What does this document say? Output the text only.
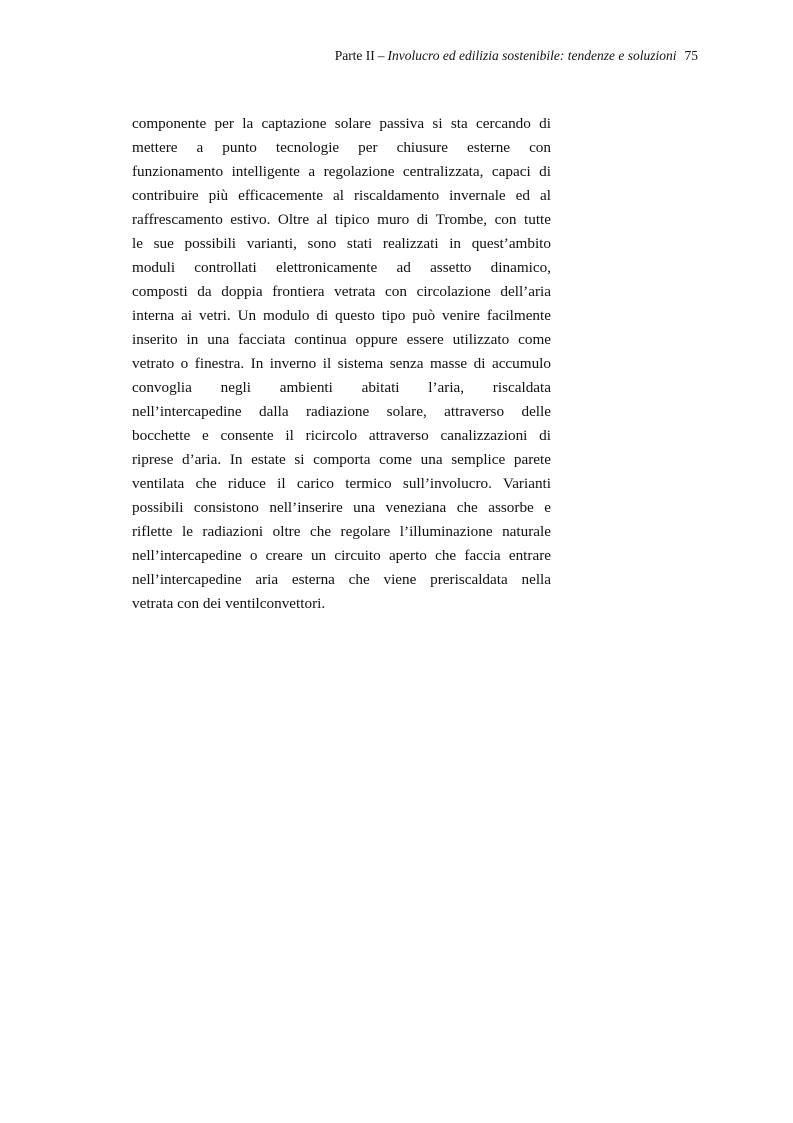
Parte II – Involucro ed edilizia sostenibile: tendenze e soluzioni 75
componente per la captazione solare passiva si sta cercando di
mettere a punto tecnologie per chiusure esterne con
funzionamento intelligente a regolazione centralizzata, capaci di
contribuire più efficacemente al riscaldamento invernale ed al
raffrescamento estivo. Oltre al tipico muro di Trombe, con tutte
le sue possibili varianti, sono stati realizzati in quest’ambito
moduli controllati elettronicamente ad assetto dinamico,
composti da doppia frontiera vetrata con circolazione dell’aria
interna ai vetri. Un modulo di questo tipo può venire facilmente
inserito in una facciata continua oppure essere utilizzato come
vetrato o finestra. In inverno il sistema senza masse di accumulo
convoglia negli ambienti abitati l’aria, riscaldata
nell’intercapedine dalla radiazione solare, attraverso delle
bocchette e consente il ricircolo attraverso canalizzazioni di
riprese d’aria. In estate si comporta come una semplice parete
ventilata che riduce il carico termico sull’involucro. Varianti
possibili consistono nell’inserire una veneziana che assorbe e
riflette le radiazioni oltre che regolare l’illuminazione naturale
nell’intercapedine o creare un circuito aperto che faccia entrare
nell’intercapedine aria esterna che viene preriscaldata nella
vetrata con dei ventilconvettori.
